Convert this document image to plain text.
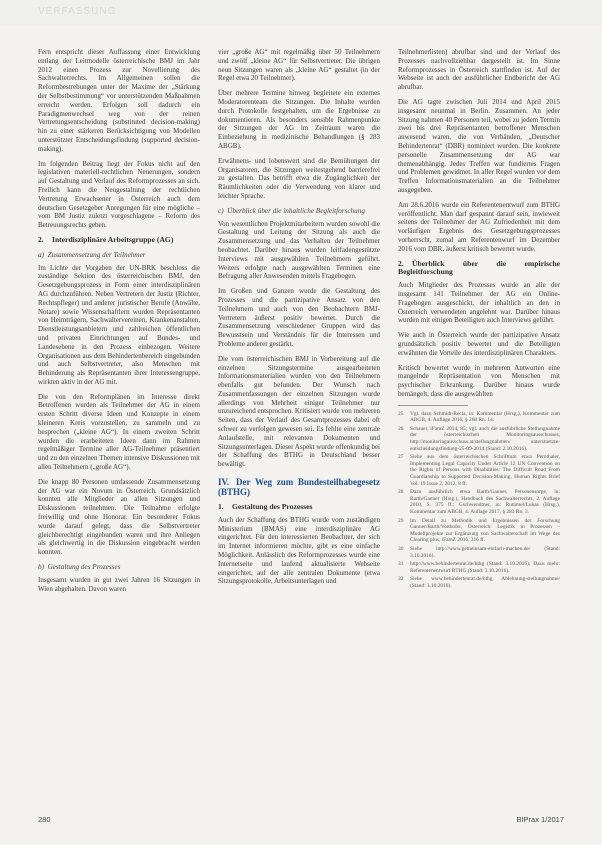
VERFASSUNG

Fern entspricht dieser Auffassung einer Entwicklung entlang der Leitmodelle österreichische BMJ im Jahr 2012 einen Prozess zur Novellierung des Sachwalterrechts. Im Allgemeinen sollen die Reformbestrebungen unter der Maxime der „Stärkung der Selbstbestimmung“ vor unterstützenden Maßnahmen erreicht werden. Erfolgen soll dadurch ein Paradigmenwechsel weg von der reinen Vertretungsentscheidung (substituted decision-making) hin zu einer stärkeren Berücksichtigung von Modellen unterstützter Entscheidungsfindung (supported decision-making).

Im folgenden Beitrag liegt der Fokus nicht auf den legislativen materiell-rechtlichen Neuerungen, sondern auf Gestaltung und Verlauf des Reformprozesses an sich. Freilich kann die Neugestaltung der rechtlichen Vertretung Erwachsener in Österreich auch dem deutschen Gesetzgeber Anregungen für eine mögliche – vom BM Justiz zuletzt vorgeschlagene – Reform des Betreuungsrechts geben.

2. Interdisziplinäre Arbeitsgruppe (AG)
a) Zusammensetzung der Teilnehmer

Im Lichte der Vorgaben der UN-BRK beschloss die zuständige Sektion des österreichischen BMJ, den Gesetzgebungsprozess in Form einer interdisziplinären AG durchzuführen. Neben Vertretern der Justiz (Richter, Rechtspfleger) und anderer juristischer Berufe (Anwälte, Notare) sowie Wissenschaftlern wurden Repräsentanten von Heimträgern, Sachwaltervereinen, Krankenanstalten, Dienstleistungsanbietern und zahlreichen öffentlichen und privaten Einrichtungen auf Bundes- und Landesebene in den Prozess einbezogen. Weitere Organisationen aus dem Behindertenbereich eingebunden und auch Selbstvertreter, also Menschen mit Behinderung als Repräsentanten ihrer Interessengruppe, wirkten aktiv in der AG mit.

Die von den Reformplänen im Interesse direkt Betroffenen wurden als Teilnehmer der AG in einem ersten Schritt diverse Ideen und Konzepte in einem kleineren Kreis vorzustellen, zu sammeln und zu besprechen („kleine AG“). In einem zweiten Schritt wurden die erarbeiteten Ideen dann im Rahmen regelmäßiger Termine aller AG-Teilnehmer präsentiert und zu den einzelnen Themen intensive Diskussionen mit allen Teilnehmern („große AG“).

Die knapp 80 Personen umfassende Zusammensetzung der AG war ein Novum in Österreich. Grundsätzlich konnten alle Mitglieder an allen Sitzungen und Diskussionen teilnehmen. Die Teilnahme erfolgte freiwillig und ohne Honorar. Ein besonderer Fokus wurde darauf gelegt, dass die Selbstvertreter gleichberechtigt eingebunden waren und ihre Anliegen als gleichwertig in die Diskussion eingebracht werden konnten.

b) Gestaltung des Prozesses

Insgesamt wurden in gut zwei Jahren 16 Sitzungen in Wien abgehalten. Davon waren

vier „große AG“ mit regelmäßig über 50 Teilnehmern und zwölf „kleine AG“ für Selbstvertreter. Die übrigen neun Sitzungen waren als „kleine AG“ gestaltet (in der Regel etwa 20 Teilnehmer).

Über mehrere Termine hinweg begleitete ein externes Moderatorenteam die Sitzungen. Die Inhalte wurden durch Protokolle festgehalten, um die Ergebnisse zu dokumentieren. Als besonders sensible Rahmenpunkte der Sitzungen der AG im Zeitraum waren die Einbeziehung in medizinische Behandlungen (§ 283 ABGB).

Erwähnens- und lobenswert sind die Bemühungen der Organisatoren, die Sitzungen weitestgehend barrierefrei zu gestalten. Das betrifft etwa die Zugänglichkeit der Räumlichkeiten oder die Verwendung von klarer und leichter Sprache.

c) Überblick über die inhaltliche Begleitforschung

Von wesentlichen Projektmitarbeitern wurden sowohl die Gestaltung und Leitung der Sitzung als auch die Zusammensetzung und das Verhalten der Teilnehmer beobachtet. Darüber hinaus wurden leitfadengestützte Interviews mit ausgewählten Teilnehmern geführt. Weiters erfolgte nach ausgewählten Terminen eine Befragung aller Anwesenden mittels Fragebogen.

Im Großen und Ganzen wurde die Gestaltung des Prozesses und die partizipative Ansatz von den Teilnehmern und auch von den Beobachtern BMJ-Vertretern äußerst positiv bewertet. Durch die Zusammensetzung verschiedener Gruppen wird das Bewusstsein und Verständnis für die Interessen und Probleme anderer gestärkt.

Die vom österreichischen BMJ in Vorbereitung auf die einzelnen Sitzungstermine ausgearbeiteten Informationsmaterialien wurden von den Teilnehmern ebenfalls gut befunden. Der Wunsch nach Zusammenfassungen der einzelnen Sitzungen wurde allerdings von Mehrheit einiger Teilnehmer nur unzureichend entsprochen. Kritisiert wurde von mehreren Seiten, dass der Verlauf des Gesamtprozesses dabei oft schwer zu verfolgen gewesen sei. Es fehlte eine zentrale Anlaufstelle, mit relevanten Dokumenten und Sitzungsunterlagen. Dieser Aspekt wurde offenkundig bei der Schaffung des BTHG in Deutschland besser bewältigt.

IV. Der Weg zum Bundesteilhabegesetz (BTHG)
1. Gestaltung des Prozesses

Auch der Schaffung des BTHG wurde vom zuständigen Ministerium (BMAS) eine interdisziplinäre AG eingerichtet. Für den interessierten Beobachter, der sich im Internet informieren möchte, gibt es eine einfache Möglichkeit. Anlässlich des Reformprozesses wurde eine Internetseite und laufend aktualisierte Webseite eingerichtet, auf der alle zentralen Dokumente (etwa Sitzungsprotokolle, Arbeitsunterlagen und

Teilnehmerlisten) abrufbar sind und der Verlauf des Prozesses nachvollziehbar dargestellt ist. Im Sinne Reformprozesses in Österreich stattfinden ist. Auf der Webseite ist auch der ausführlicher Endbericht der AG abrufbar.

Die AG tagte zwischen Juli 2014 und April 2015 insgesamt neunmal in Berlin. Zusammen. An jeder Sitzung nahmen 40 Personen teil, wobei zu jedem Termin zwei bis drei Repräsentanten betroffener Menschen anwesend waren, die von Verbänden, „Deutscher Behindertenrat“ (DBR) nominiert wurden. Die konkrete personelle Zusammensetzung der AG war themenabhängig. Jedes Treffen war fundiertes Fragen und Problemen gewidmet. In aller Regel wurden vor dem Treffen Informationsmaterialien an die Teilnehmer ausgegeben.

Am 28.6.2016 wurde ein Referentenentwurf zum BTHG veröffentlicht. Man darf gespannt darauf sein, inwieweit seitens der Teilnehmer der AG Zufriedenheit mit dem vorläufigen Ergebnis des Gesetzgebungsprozesses vorherrscht, zumal am Referentenwurf im Dezember 2016 vom DBR, äußerst kritisch bewertet wurde.

2. Überblick über die empirische Begleitforschung

Auch Mitglieder des Prozesses wurde an alle der insgesamt 141 Teilnehmer der AG ein Online-Fragebogen ausgeschickt, der inhaltlich an den in Österreich verwendeten angelehnt war. Darüber hinaus wurden mit einigen Beteiligten auch Interviews geführt.

Wie auch in Österreich wurde der partizipative Ansatz grundsätzlich positiv bewertet und die Beteiligten erwähnten die Vorteile des interdisziplinären Charakters.

Kritisch bewertet wurde in mehreren Antworten eine mangelnde Repräsentation von Menschen mit psychischer Erkrankung. Darüber hinaus wurde bemängelt, dass die ausgewählten

25	Vgl. dazu Schmidt-Recla, in: Kommentar (Hrsg.), Kommentar zum ABGB, 4. Auflage 2016, § 268 Rn. 14.
26	Schauer, iFamZ 2014, 85; vgl. auch die ausführliche Stellungnahme der österreichischen Monitoringsausschusses, http://monitoringausschuss.at/stellungnahmen/ unterstuetzte-entscheidungsfindung-25-09-2014 (Stand: 2.10.2016).
27	Siehe aus dem österreichischen Schrifttum etwa Pernthaler, Implementing Legal Capacity Under Article 12 UN Convention on the Rights of Persons with Disabilities: The Difficult Road From Guardianship to Supported Decision-Making, Human Rights Brief Vol. 19 Issue 2, 2012, 8 ff.
28	Dazu ausführlich etwa Barth/Ganner, Personensorge, in: Barth/Ganner (Hrsg.), Handbuch des Sachwalterrechts, 2. Auflage 2010, S. 375 ff.; Gschwendtner, in: Rummel/Lukas (Hrsg.), Kommentar zum ABGB, 4. Auflage 2017, § 283 Rn. 3.
29	Im Detail zu Methodik und Ergebnissen der Forschung Ganner/Barth/Voithofer, Österreich: Legistik in Prozessen – Modellprojekte zur Ergänzung von Sachwalterschaft im Wege des Clearing plus, iFamZ 2016, 316 ff.
30	Siehe http://www.gemeinsam-einfach-machen.de/ (Stand: 3.10.2016).
31	http://www.behindertenrat.de/bthg (Stand: 3.10.2016); Dazu mehr: Referentenentwurf BTHG (Stand: 3.10.2016).
32	Siehe www.behindertenrat.de/bthg Ablehnung-stellungnahme/ (Stand: 3.10.2016).
280	BIPrax 1/2017
